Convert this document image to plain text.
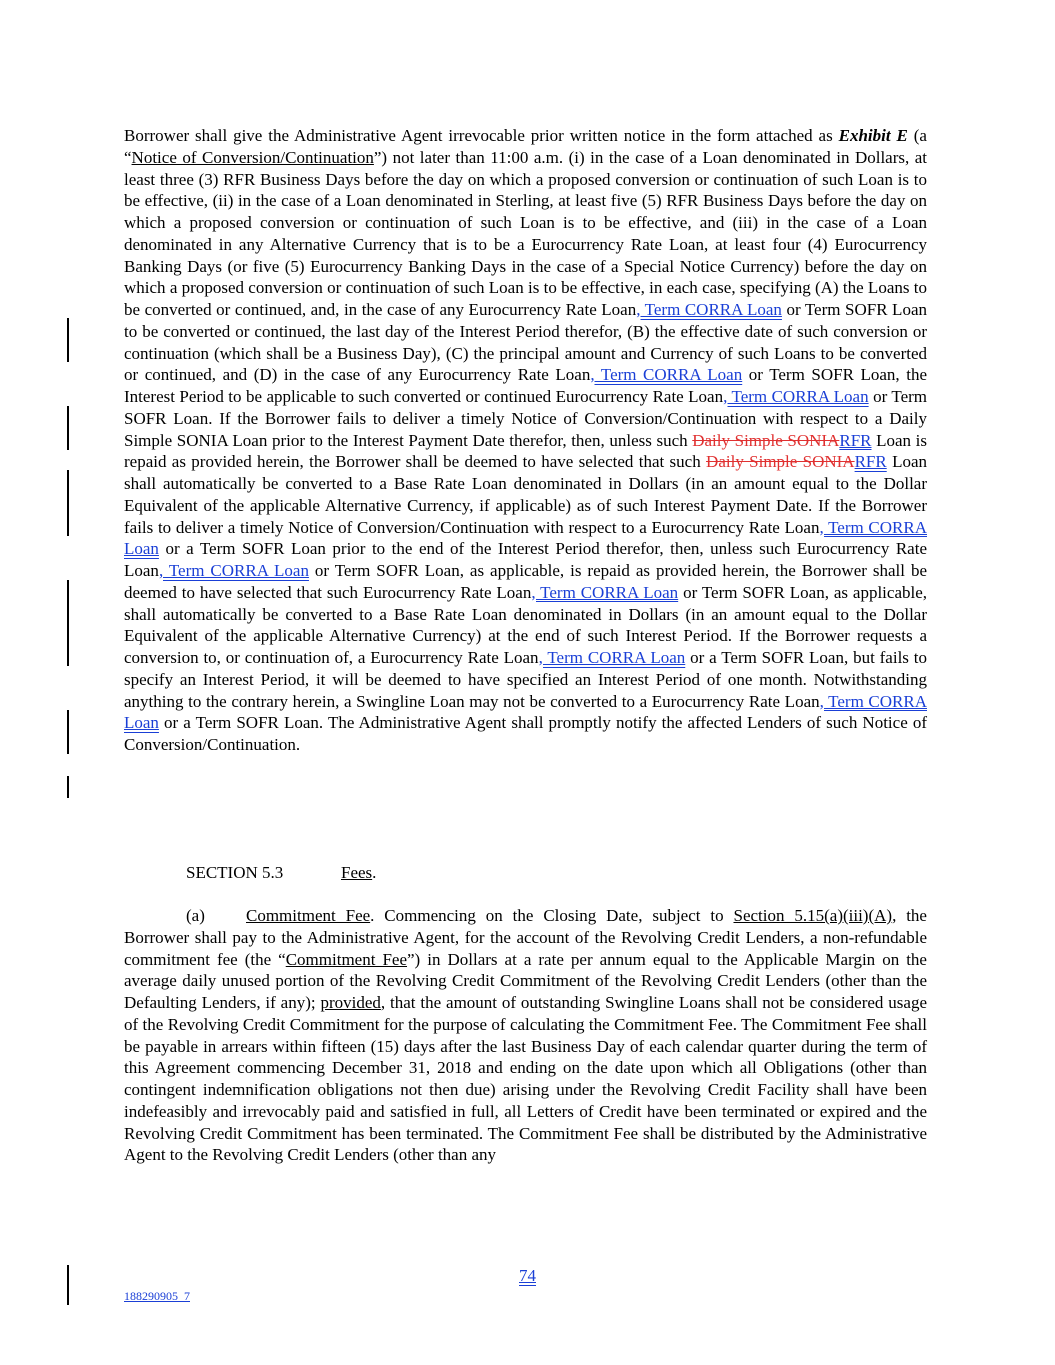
Borrower shall give the Administrative Agent irrevocable prior written notice in the form attached as Exhibit E (a “Notice of Conversion/Continuation”) not later than 11:00 a.m. (i) in the case of a Loan denominated in Dollars, at least three (3) RFR Business Days before the day on which a proposed conversion or continuation of such Loan is to be effective, (ii) in the case of a Loan denominated in Sterling, at least five (5) RFR Business Days before the day on which a proposed conversion or continuation of such Loan is to be effective, and (iii) in the case of a Loan denominated in any Alternative Currency that is to be a Eurocurrency Rate Loan, at least four (4) Eurocurrency Banking Days (or five (5) Eurocurrency Banking Days in the case of a Special Notice Currency) before the day on which a proposed conversion or continuation of such Loan is to be effective, in each case, specifying (A) the Loans to be converted or continued, and, in the case of any Eurocurrency Rate Loan, Term CORRA Loan or Term SOFR Loan to be converted or continued, the last day of the Interest Period therefor, (B) the effective date of such conversion or continuation (which shall be a Business Day), (C) the principal amount and Currency of such Loans to be converted or continued, and (D) in the case of any Eurocurrency Rate Loan, Term CORRA Loan or Term SOFR Loan, the Interest Period to be applicable to such converted or continued Eurocurrency Rate Loan, Term CORRA Loan or Term SOFR Loan. If the Borrower fails to deliver a timely Notice of Conversion/Continuation with respect to a Daily Simple SONIA Loan prior to the Interest Payment Date therefor, then, unless such Daily Simple SONIARFR Loan is repaid as provided herein, the Borrower shall be deemed to have selected that such Daily Simple SONIARFR Loan shall automatically be converted to a Base Rate Loan denominated in Dollars (in an amount equal to the Dollar Equivalent of the applicable Alternative Currency, if applicable) as of such Interest Payment Date. If the Borrower fails to deliver a timely Notice of Conversion/Continuation with respect to a Eurocurrency Rate Loan, Term CORRA Loan or a Term SOFR Loan prior to the end of the Interest Period therefor, then, unless such Eurocurrency Rate Loan, Term CORRA Loan or Term SOFR Loan, as applicable, is repaid as provided herein, the Borrower shall be deemed to have selected that such Eurocurrency Rate Loan, Term CORRA Loan or Term SOFR Loan, as applicable, shall automatically be converted to a Base Rate Loan denominated in Dollars (in an amount equal to the Dollar Equivalent of the applicable Alternative Currency) at the end of such Interest Period. If the Borrower requests a conversion to, or continuation of, a Eurocurrency Rate Loan, Term CORRA Loan or a Term SOFR Loan, but fails to specify an Interest Period, it will be deemed to have specified an Interest Period of one month. Notwithstanding anything to the contrary herein, a Swingline Loan may not be converted to a Eurocurrency Rate Loan, Term CORRA Loan or a Term SOFR Loan. The Administrative Agent shall promptly notify the affected Lenders of such Notice of Conversion/Continuation.

SECTION 5.3	Fees.
(a) Commitment Fee. Commencing on the Closing Date, subject to Section 5.15(a)(iii)(A), the Borrower shall pay to the Administrative Agent, for the account of the Revolving Credit Lenders, a non-refundable commitment fee (the “Commitment Fee”) in Dollars at a rate per annum equal to the Applicable Margin on the average daily unused portion of the Revolving Credit Commitment of the Revolving Credit Lenders (other than the Defaulting Lenders, if any); provided, that the amount of outstanding Swingline Loans shall not be considered usage of the Revolving Credit Commitment for the purpose of calculating the Commitment Fee. The Commitment Fee shall be payable in arrears within fifteen (15) days after the last Business Day of each calendar quarter during the term of this Agreement commencing December 31, 2018 and ending on the date upon which all Obligations (other than contingent indemnification obligations not then due) arising under the Revolving Credit Facility shall have been indefeasibly and irrevocably paid and satisfied in full, all Letters of Credit have been terminated or expired and the Revolving Credit Commitment has been terminated. The Commitment Fee shall be distributed by the Administrative Agent to the Revolving Credit Lenders (other than any
74
188290905_7
